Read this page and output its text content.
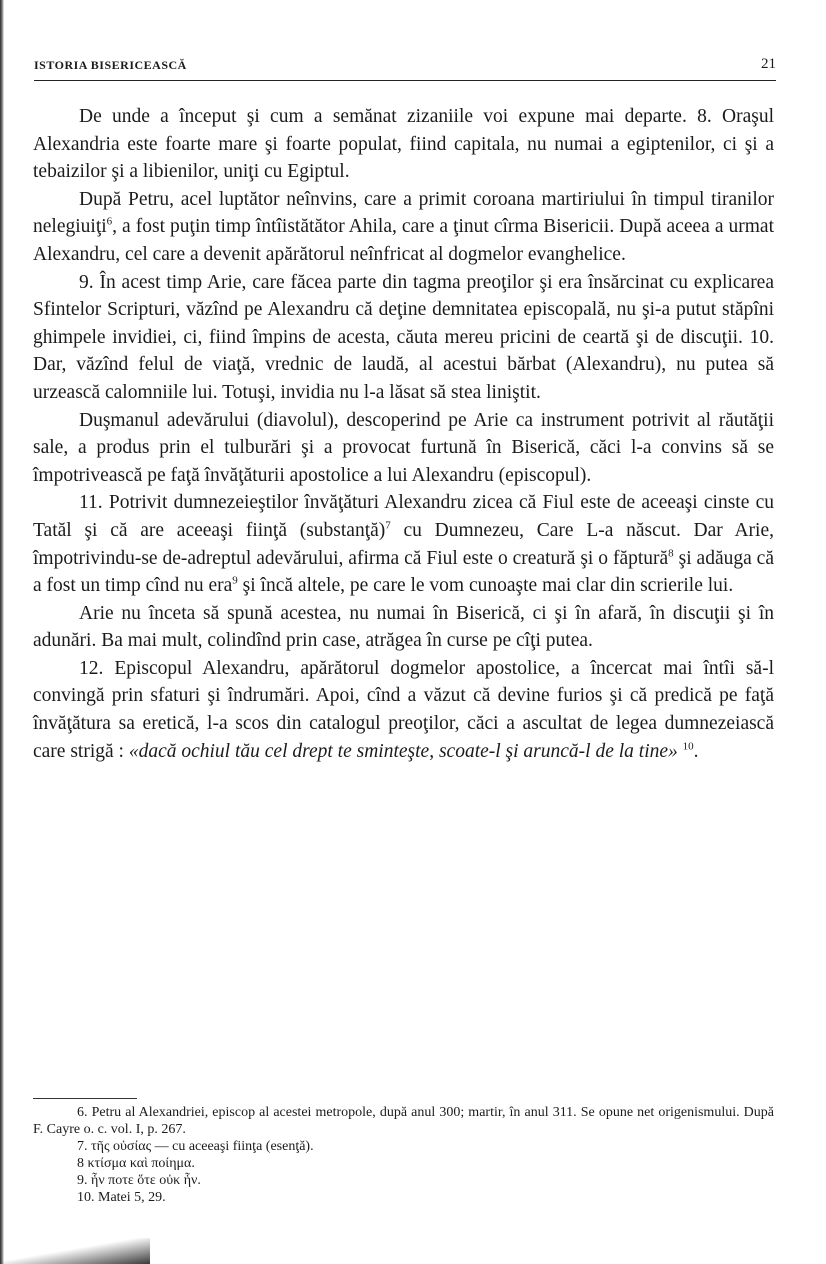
ISTORIA BISERICEASCĂ	21

De unde a început şi cum a semănat zizaniile voi expune mai departe. 8. Oraşul Alexandria este foarte mare şi foarte populat, fiind capitala, nu numai a egiptenilor, ci şi a tebaizilor şi a libienilor, uniţi cu Egiptul.

După Petru, acel luptător neînvins, care a primit coroana martiriului în timpul tiranilor nelegiuiţi$^6$, a fost puţin timp întîistătător Ahila, care a ţinut cîrma Bisericii. După aceea a urmat Alexandru, cel care a devenit apărătorul neînfricat al dogmelor evanghelice.

9. În acest timp Arie, care făcea parte din tagma preoţilor şi era însărcinat cu explicarea Sfintelor Scripturi, văzînd pe Alexandru că deţine demnitatea episcopală, nu şi-a putut stăpîni ghimpele invidiei, ci, fiind împins de acesta, căuta mereu pricini de ceartă şi de discuţii. 10. Dar, văzînd felul de viaţă, vrednic de laudă, al acestui bărbat (Alexandru), nu putea să urzească calomniile lui. Totuşi, invidia nu l-a lăsat să stea liniştit.

Duşmanul adevărului (diavolul), descoperind pe Arie ca instrument potrivit al răutăţii sale, a produs prin el tulburări şi a provocat furtună în Biserică, căci l-a convins să se împotrivească pe faţă învăţăturii apostolice a lui Alexandru (episcopul).

11. Potrivit dumnezeieştilor învăţături Alexandru zicea că Fiul este de aceeaşi cinste cu Tatăl şi că are aceeaşi fiinţă (substanţă)$^7$ cu Dumnezeu, Care L-a născut. Dar Arie, împotrivindu-se de-adreptul adevărului, afirma că Fiul este o creatură şi o făptură$^8$ şi adăuga că a fost un timp cînd nu era$^9$ şi încă altele, pe care le vom cunoaşte mai clar din scrierile lui.

Arie nu înceta să spună acestea, nu numai în Biserică, ci şi în afară, în discuţii şi în adunări. Ba mai mult, colindînd prin case, atrăgea în curse pe cîţi putea.

12. Episcopul Alexandru, apărătorul dogmelor apostolice, a încercat mai întîi să-l convingă prin sfaturi şi îndrumări. Apoi, cînd a văzut că devine furios şi că predică pe faţă învăţătura sa eretică, l-a scos din catalogul preoţilor, căci a ascultat de legea dumnezeiască care strigă : «dacă ochiul tău cel drept te sminteşte, scoate-l şi aruncă-l de la tine» $^{10}$.

6. Petru al Alexandriei, episcop al acestei metropole, după anul 300; martir, în anul 311. Se opune net origenismului. După F. Cayre o. c. vol. I, p. 267.

7. τῆς οὐσίας — cu aceeaşi fiinţa (esenţă).

8 κτίσμα καὶ ποίημα.

9. ἦν ποτε ὅτε οὐκ ἦν.

10. Matei 5, 29.
